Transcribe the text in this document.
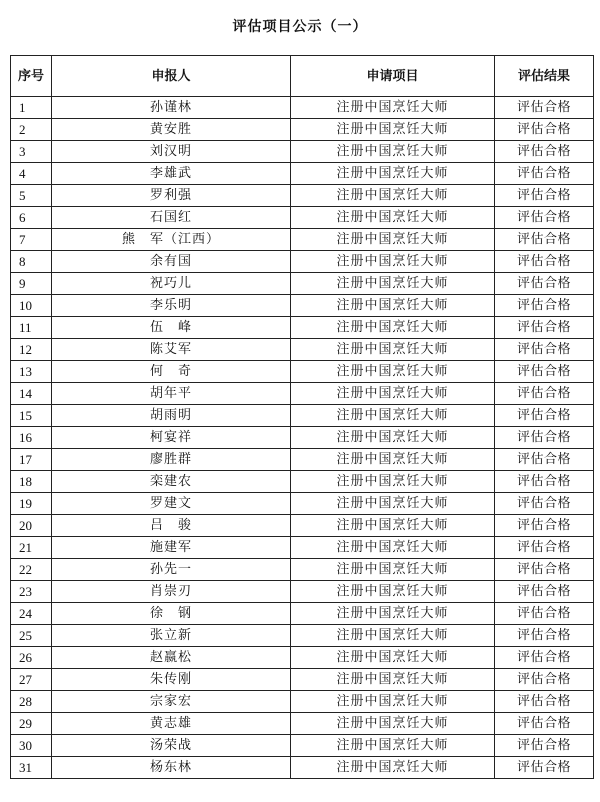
评估项目公示（一）
序号	申报人	申请项目	评估结果
1	孙谨林	注册中国烹饪大师	评估合格
2	黄安胜	注册中国烹饪大师	评估合格
3	刘汉明	注册中国烹饪大师	评估合格
4	李雄武	注册中国烹饪大师	评估合格
5	罗利强	注册中国烹饪大师	评估合格
6	石国红	注册中国烹饪大师	评估合格
7	熊　军（江西）	注册中国烹饪大师	评估合格
8	余有国	注册中国烹饪大师	评估合格
9	祝巧儿	注册中国烹饪大师	评估合格
10	李乐明	注册中国烹饪大师	评估合格
11	伍　峰	注册中国烹饪大师	评估合格
12	陈艾军	注册中国烹饪大师	评估合格
13	何　奇	注册中国烹饪大师	评估合格
14	胡年平	注册中国烹饪大师	评估合格
15	胡雨明	注册中国烹饪大师	评估合格
16	柯宴祥	注册中国烹饪大师	评估合格
17	廖胜群	注册中国烹饪大师	评估合格
18	栾建农	注册中国烹饪大师	评估合格
19	罗建文	注册中国烹饪大师	评估合格
20	吕　骏	注册中国烹饪大师	评估合格
21	施建军	注册中国烹饪大师	评估合格
22	孙先一	注册中国烹饪大师	评估合格
23	肖崇刃	注册中国烹饪大师	评估合格
24	徐　钢	注册中国烹饪大师	评估合格
25	张立新	注册中国烹饪大师	评估合格
26	赵嬴松	注册中国烹饪大师	评估合格
27	朱传刚	注册中国烹饪大师	评估合格
28	宗家宏	注册中国烹饪大师	评估合格
29	黄志雄	注册中国烹饪大师	评估合格
30	汤荣战	注册中国烹饪大师	评估合格
31	杨东林	注册中国烹饪大师	评估合格
